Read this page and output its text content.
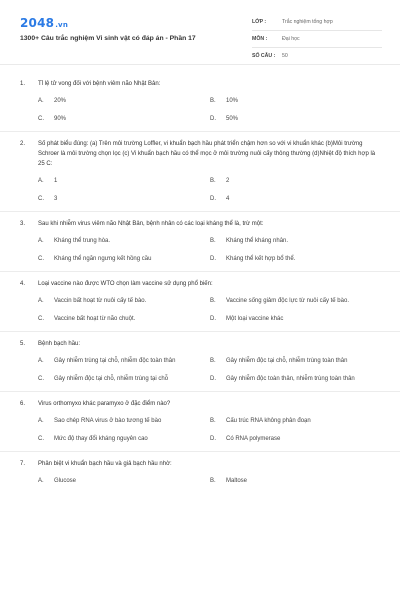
2048.vn
1300+ Câu trắc nghiệm Vi sinh vật có đáp án - Phần 17
LỚP :	Trắc nghiệm tổng hợp
MÔN :	Đại học
SỐ CÂU :	50
1.	Tỉ lệ tử vong đối với bệnh viêm não Nhật Bản:
A.	20%	B.	10%
C.	90%	D.	50%
2.	Số phát biểu đúng: (a) Trên môi trường Loffler, vi khuẩn bạch hầu phát triển chậm hơn so với vi khuẩn khác (b)Môi trường Schroer là môi trường chọn lọc (c) Vi khuẩn bạch hầu có thể mọc ở môi trường nuôi cấy thông thường (d)Nhiệt độ thích hợp là 25 C:
A.	1	B.	2
C.	3	D.	4
3.	Sau khi nhiễm virus viêm não Nhật Bản, bệnh nhân có các loại kháng thể là, trừ một:
A.	Kháng thể trung hòa.	B.	Kháng thể kháng nhân.
C.	Kháng thể ngăn ngưng kết hồng cầu	D.	Kháng thể kết hợp bổ thể.
4.	Loại vaccine nào được WTO chọn làm vaccine sử dụng phổ biến:
A.	Vaccin bất hoạt từ nuôi cấy tế bào.	B.	Vaccine sống giảm độc lực từ nuôi cấy tế bào.
C.	Vaccine bất hoạt từ não chuột.	D.	Một loại vaccine khác
5.	Bệnh bạch hầu:
A.	Gây nhiễm trùng tại chỗ, nhiễm độc toàn thân	B.	Gây nhiễm độc tại chỗ, nhiễm trùng toàn thân
C.	Gây nhiễm độc tại chỗ, nhiễm trùng tại chỗ	D.	Gây nhiễm độc toàn thân, nhiễm trùng toàn thân
6.	Virus orthomyxo khác paramyxo ở đặc điểm nào?
A.	Sao chép RNA virus ở bào tương tế bào	B.	Cấu trúc RNA không phân đoạn
C.	Mức độ thay đổi kháng nguyên cao	D.	Có RNA polymerase
7.	Phân biệt vi khuẩn bạch hầu và giả bạch hầu nhờ:
A.	Glucose	B.	Maltose
